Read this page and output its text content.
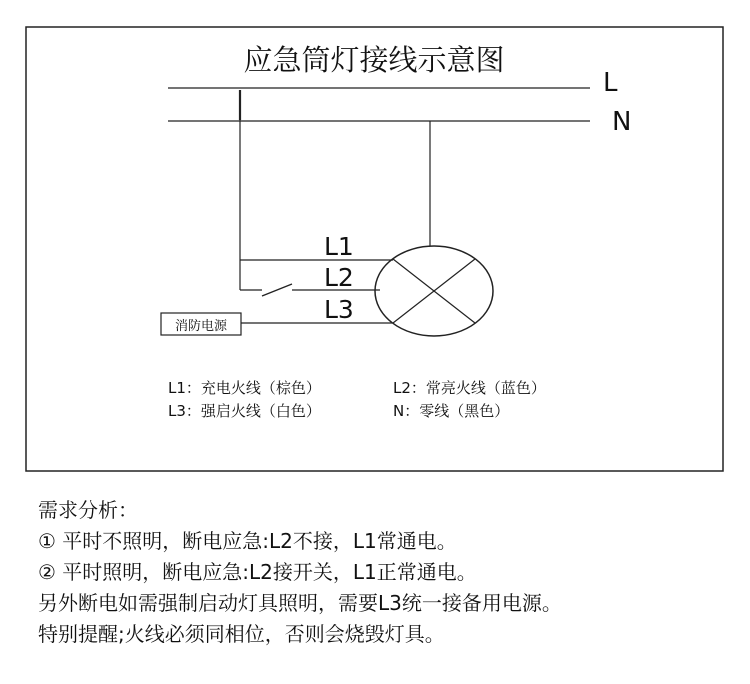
应急筒灯接线示意图
L
N
L1
L2
L3
消防电源
L1：充电火线（棕色）	L2：常亮火线（蓝色）
L3：强启火线（白色）	N：零线（黑色）
需求分析：
① 平时不照明，断电应急:L2不接，L1常通电。
② 平时照明，断电应急:L2接开关，L1正常通电。
另外断电如需强制启动灯具照明，需要L3统一接备用电源。
特别提醒;火线必须同相位，否则会烧毁灯具。
